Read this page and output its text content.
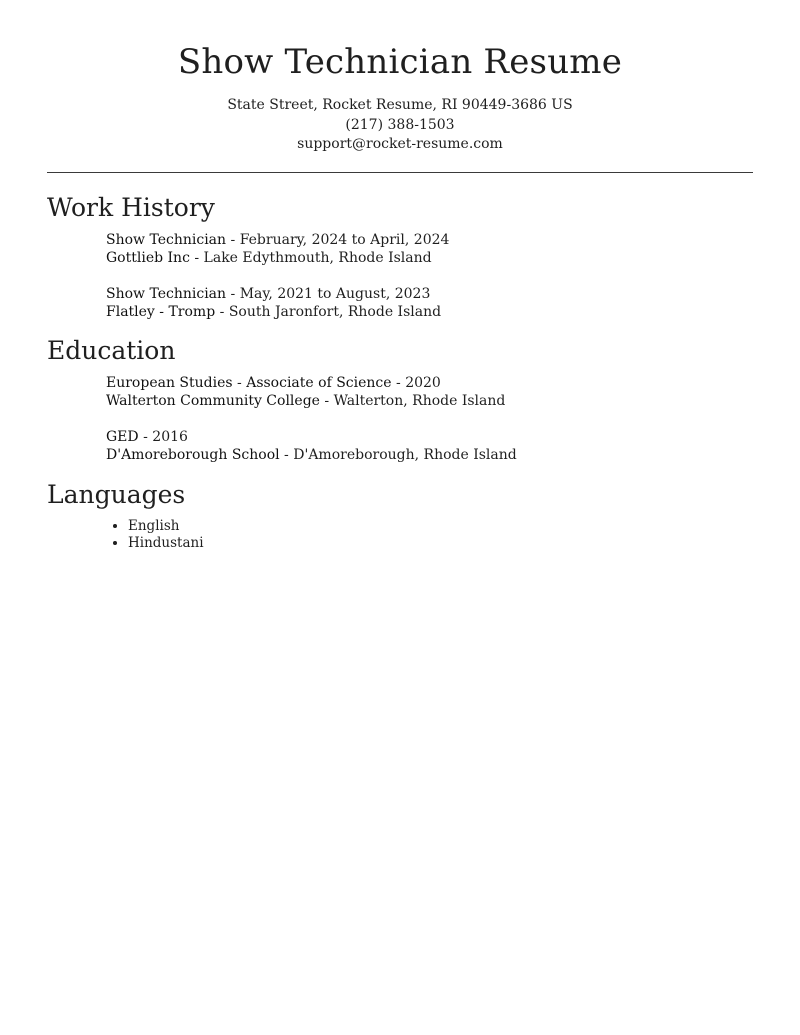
Show Technician Resume
State Street, Rocket Resume, RI 90449-3686 US
(217) 388-1503
support@rocket-resume.com
Work History
Show Technician - February, 2024 to April, 2024
Gottlieb Inc - Lake Edythmouth, Rhode Island
Show Technician - May, 2021 to August, 2023
Flatley - Tromp - South Jaronfort, Rhode Island
Education
European Studies - Associate of Science - 2020
Walterton Community College - Walterton, Rhode Island
GED - 2016
D'Amoreborough School - D'Amoreborough, Rhode Island
Languages
• English
• Hindustani
